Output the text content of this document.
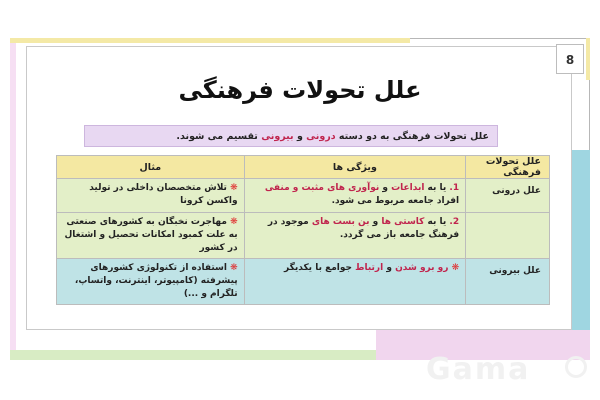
8
علل تحولات فرهنگی
علل تحولات فرهنگی به دو دسته درونی و بیرونی تقسیم می شوند.
علل تحولات فرهنگی	ویژگی ها	مثال
علل درونی	1. یا به ابداعات و نوآوری های مثبت و منفی افراد جامعه مربوط می شود.	❋ تلاش متخصصان داخلی در تولید واکسن کرونا
	2. یا به کاستی ها و بن بست های موجود در فرهنگ جامعه باز می گردد.	❋ مهاجرت نخبگان به کشورهای صنعتی به علت کمبود امکانات تحصیل و اشتغال در کشور
علل بیرونی	❋ رو برو شدن و ارتباط جوامع با یکدیگر	❋ استفاده از تکنولوژی کشورهای پیشرفته (کامپیوتر، اینترنت، واتساپ، تلگرام و ...)
Gama
